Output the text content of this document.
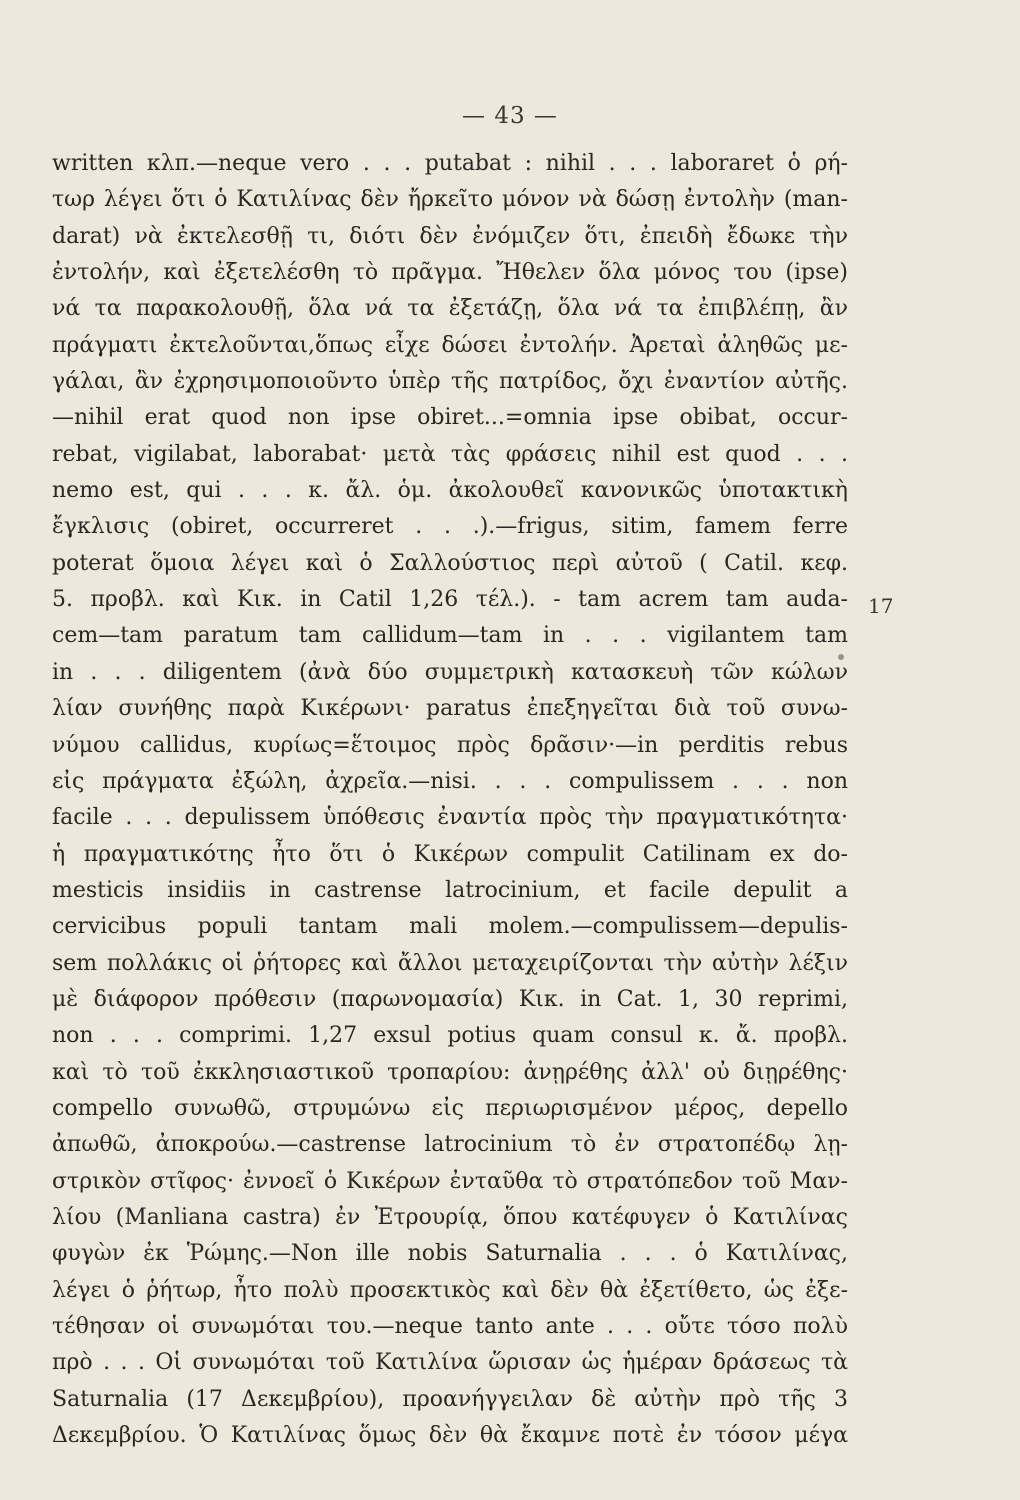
— 43 —
written κλπ.—neque vero . . . putabat : nihil . . . laboraret ὁ ρή-
τωρ λέγει ὅτι ὁ Κατιλίνας δὲν ἤρκεῖτο μόνον νὰ δώσῃ ἐντολὴν (man-
darat) νὰ ἐκτελεσθῇ τι, διότι δὲν ἐνόμιζεν ὅτι, ἐπειδὴ ἔδωκε τὴν
ἐντολήν, καὶ ἐξετελέσθη τὸ πρᾶγμα. Ἤθελεν ὅλα μόνος του (ipse)
νά τα παρακολουθῇ, ὅλα νά τα ἐξετάζῃ, ὅλα νά τα ἐπιβλέπῃ, ἂν
πράγματι ἐκτελοῦνται,ὅπως εἶχε δώσει ἐντολήν. Ἀρεταὶ ἀληθῶς με-
γάλαι, ἂν ἐχρησιμοποιοῦντο ὑπὲρ τῆς πατρίδος, ὄχι ἐναντίον αὐτῆς.
—nihil erat quod non ipse obiret...=omnia ipse obibat, occur-
rebat, vigilabat, laborabat· μετὰ τὰς φράσεις nihil est quod . . .
nemo est, qui . . . κ. ἄλ. ὁμ. ἀκολουθεῖ κανονικῶς ὑποτακτικὴ
ἔγκλισις (obiret, occurreret . . .).—frigus, sitim, famem ferre
poterat ὅμοια λέγει καὶ ὁ Σαλλούστιος περὶ αὐτοῦ ( Catil. κεφ.
5. προβλ. καὶ Κικ. in Catil 1,26 τέλ.). - tam acrem tam auda-
cem—tam paratum tam callidum—tam in . . . vigilantem tam
in . . . diligentem (ἀνὰ δύο συμμετρικὴ κατασκευὴ τῶν κώλων
λίαν συνήθης παρὰ Κικέρωνι· paratus ἐπεξηγεῖται διὰ τοῦ συνω-
νύμου callidus, κυρίως=ἕτοιμος πρὸς δρᾶσιν·—in perditis rebus
εἰς πράγματα ἐξώλη, ἀχρεῖα.—nisi. . . . compulissem . . . non
facile . . . depulissem ὑπόθεσις ἐναντία πρὸς τὴν πραγματικότητα·
ἡ πραγματικότης ἦτο ὅτι ὁ Κικέρων compulit Catilinam ex do-
mesticis insidiis in castrense latrocinium, et facile depulit a
cervicibus populi tantam mali molem.—compulissem—depulis-
sem πολλάκις οἱ ῥήτορες καὶ ἄλλοι μεταχειρίζονται τὴν αὐτὴν λέξιν
μὲ διάφορον πρόθεσιν (παρωνομασία) Κικ. in Cat. 1, 30 reprimi,
non . . . comprimi. 1,27 exsul potius quam consul κ. ἄ. προβλ.
καὶ τὸ τοῦ ἐκκλησιαστικοῦ τροπαρίου: ἀνῃρέθης ἀλλ' οὐ διῃρέθης·
compello συνωθῶ, στρυμώνω εἰς περιωρισμένον μέρος, depello
ἀπωθῶ, ἀποκρούω.—castrense latrocinium τὸ ἐν στρατοπέδῳ λῃ-
στρικὸν στῖφος· ἐννοεῖ ὁ Κικέρων ἐνταῦθα τὸ στρατόπεδον τοῦ Μαν-
λίου (Manliana castra) ἐν Ἐτρουρίᾳ, ὅπου κατέφυγεν ὁ Κατιλίνας
φυγὼν ἐκ Ῥώμης.—Non ille nobis Saturnalia . . . ὁ Κατιλίνας,
λέγει ὁ ῥήτωρ, ἦτο πολὺ προσεκτικὸς καὶ δὲν θὰ ἐξετίθετο, ὡς ἐξε-
τέθησαν οἱ συνωμόται του.—neque tanto ante . . . οὔτε τόσο πολὺ
πρὸ . . . Οἱ συνωμόται τοῦ Κατιλίνα ὥρισαν ὡς ἡμέραν δράσεως τὰ
Saturnalia (17 Δεκεμβρίου), προανήγγειλαν δὲ αὐτὴν πρὸ τῆς 3
Δεκεμβρίου. Ὁ Κατιλίνας ὅμως δὲν θὰ ἔκαμνε ποτὲ ἐν τόσον μέγα
17
